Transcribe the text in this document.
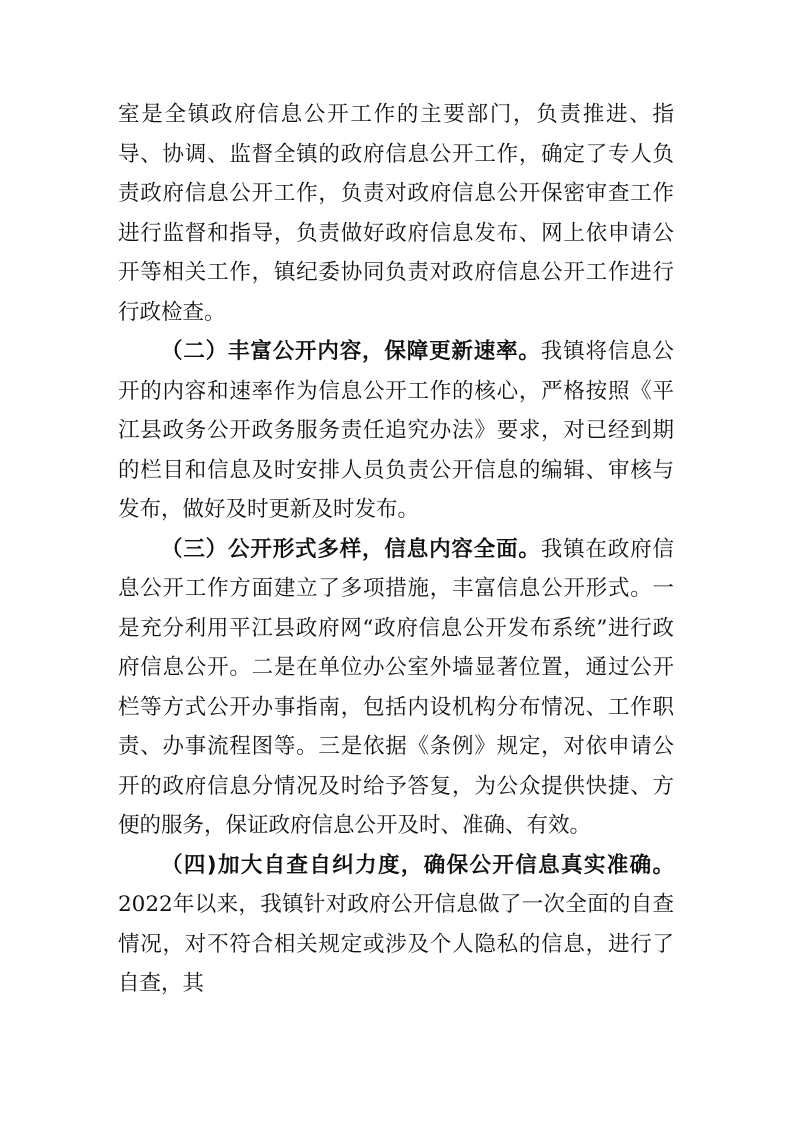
室是全镇政府信息公开工作的主要部门，负责推进、指导、协调、监督全镇的政府信息公开工作，确定了专人负责政府信息公开工作，负责对政府信息公开保密审查工作进行监督和指导，负责做好政府信息发布、网上依申请公开等相关工作，镇纪委协同负责对政府信息公开工作进行行政检查。

（二）丰富公开内容，保障更新速率。我镇将信息公开的内容和速率作为信息公开工作的核心，严格按照《平江县政务公开政务服务责任追究办法》要求，对已经到期的栏目和信息及时安排人员负责公开信息的编辑、审核与发布，做好及时更新及时发布。

（三）公开形式多样，信息内容全面。我镇在政府信息公开工作方面建立了多项措施，丰富信息公开形式。一是充分利用平江县政府网“政府信息公开发布系统”进行政府信息公开。二是在单位办公室外墙显著位置，通过公开栏等方式公开办事指南，包括内设机构分布情况、工作职责、办事流程图等。三是依据《条例》规定，对依申请公开的政府信息分情况及时给予答复，为公众提供快捷、方便的服务，保证政府信息公开及时、准确、有效。

（四)加大自查自纠力度，确保公开信息真实准确。2022年以来，我镇针对政府公开信息做了一次全面的自查情况，对不符合相关规定或涉及个人隐私的信息，进行了自查，其
